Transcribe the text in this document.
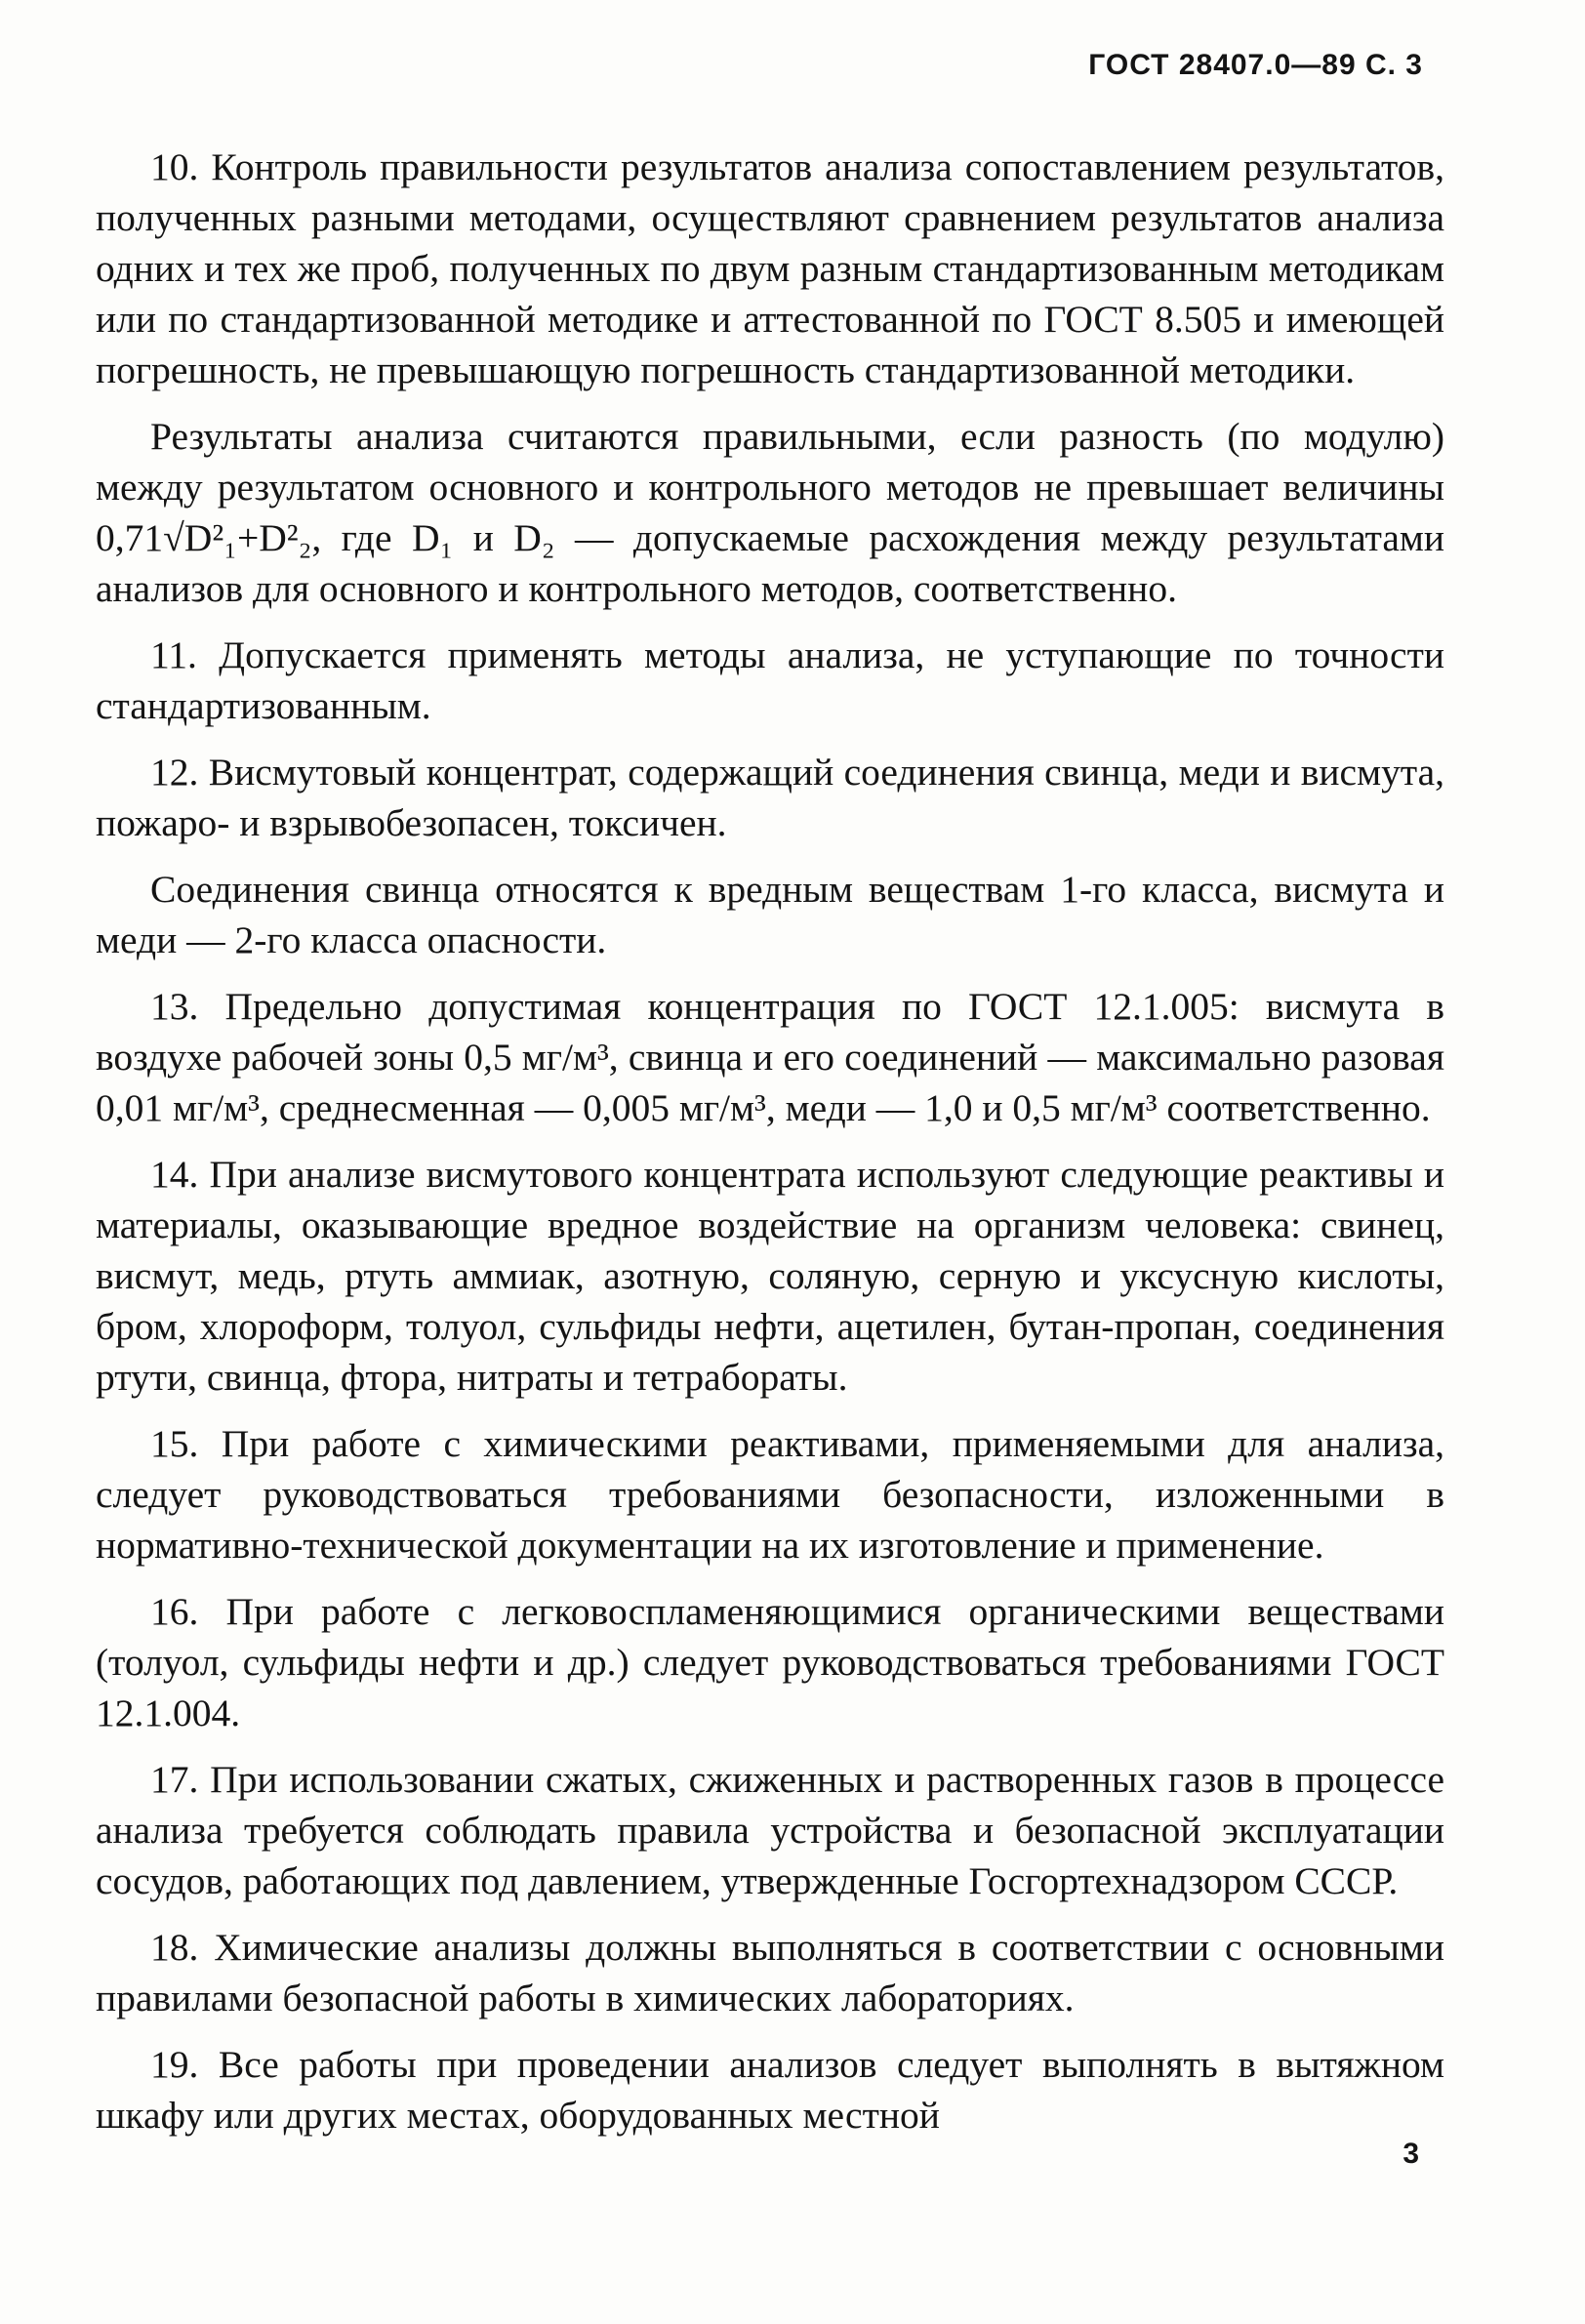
ГОСТ 28407.0—89 С. 3

10. Контроль правильности результатов анализа сопоставлением результатов, полученных разными методами, осуществляют сравнением результатов анализа одних и тех же проб, полученных по двум разным стандартизованным методикам или по стандартизованной методике и аттестованной по ГОСТ 8.505 и имеющей погрешность, не превышающую погрешность стандартизованной методики.

Результаты анализа считаются правильными, если разность (по модулю) между результатом основного и контрольного методов не превышает величины 0,71√D²₁+D²₂, где D₁ и D₂ — допускаемые расхождения между результатами анализов для основного и контрольного методов, соответственно.

11. Допускается применять методы анализа, не уступающие по точности стандартизованным.

12. Висмутовый концентрат, содержащий соединения свинца, меди и висмута, пожаро- и взрывобезопасен, токсичен.

Соединения свинца относятся к вредным веществам 1-го класса, висмута и меди — 2-го класса опасности.

13. Предельно допустимая концентрация по ГОСТ 12.1.005: висмута в воздухе рабочей зоны 0,5 мг/м³, свинца и его соединений — максимально разовая 0,01 мг/м³, среднесменная — 0,005 мг/м³, меди — 1,0 и 0,5 мг/м³ соответственно.

14. При анализе висмутового концентрата используют следующие реактивы и материалы, оказывающие вредное воздействие на организм человека: свинец, висмут, медь, ртуть аммиак, азотную, соляную, серную и уксусную кислоты, бром, хлороформ, толуол, сульфиды нефти, ацетилен, бутан-пропан, соединения ртути, свинца, фтора, нитраты и тетрабораты.

15. При работе с химическими реактивами, применяемыми для анализа, следует руководствоваться требованиями безопасности, изложенными в нормативно-технической документации на их изготовление и применение.

16. При работе с легковоспламеняющимися органическими веществами (толуол, сульфиды нефти и др.) следует руководствоваться требованиями ГОСТ 12.1.004.

17. При использовании сжатых, сжиженных и растворенных газов в процессе анализа требуется соблюдать правила устройства и безопасной эксплуатации сосудов, работающих под давлением, утвержденные Госгортехнадзором СССР.

18. Химические анализы должны выполняться в соответствии с основными правилами безопасной работы в химических лабораториях.

19. Все работы при проведении анализов следует выполнять в вытяжном шкафу или других местах, оборудованных местной

3
